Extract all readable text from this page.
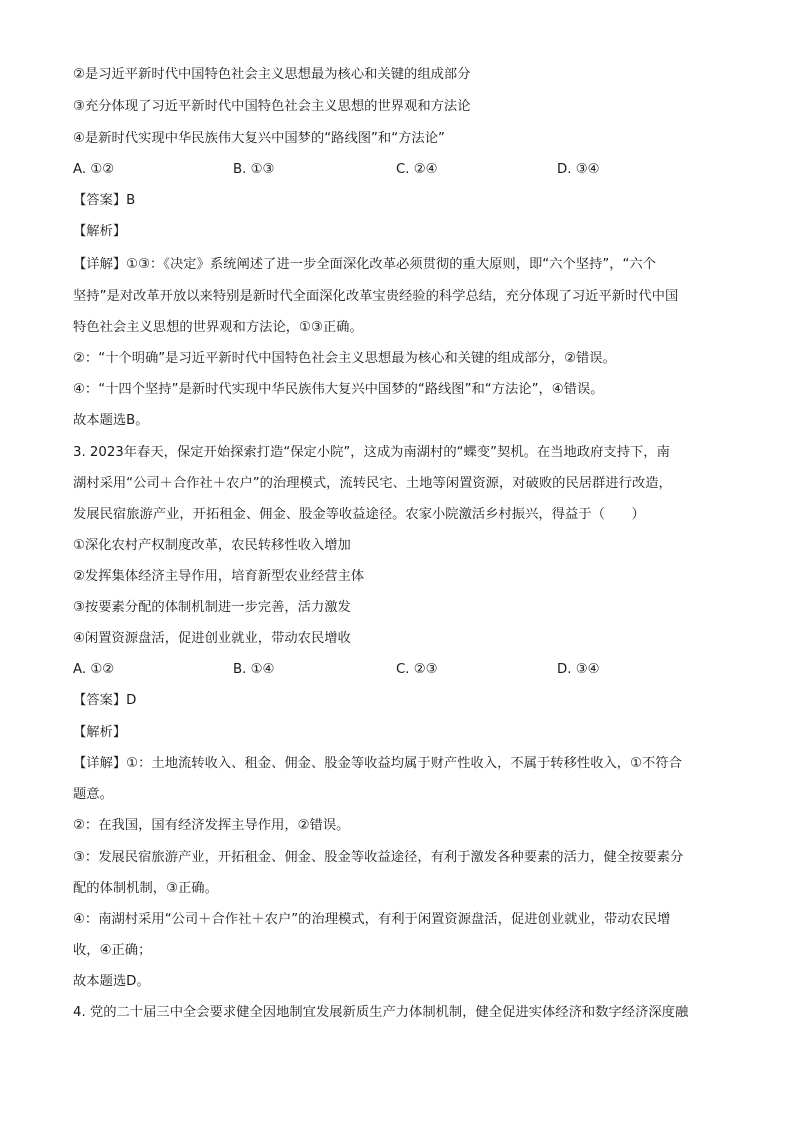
②是习近平新时代中国特色社会主义思想最为核心和关键的组成部分
③充分体现了习近平新时代中国特色社会主义思想的世界观和方法论
④是新时代实现中华民族伟大复兴中国梦的“路线图”和“方法论”
A. ①②	B. ①③	C. ②④	D. ③④
【答案】B
【解析】
【详解】①③：《决定》系统阐述了进一步全面深化改革必须贯彻的重大原则，即“六个坚持”，“六个
坚持”是对改革开放以来特别是新时代全面深化改革宝贵经验的科学总结，充分体现了习近平新时代中国
特色社会主义思想的世界观和方法论，①③正确。
②：“十个明确”是习近平新时代中国特色社会主义思想最为核心和关键的组成部分，②错误。
④：“十四个坚持”是新时代实现中华民族伟大复兴中国梦的“路线图”和“方法论”，④错误。
故本题选B。
3. 2023年春天，保定开始探索打造“保定小院”，这成为南湖村的“蝶变”契机。在当地政府支持下，南
湖村采用“公司＋合作社＋农户”的治理模式，流转民宅、土地等闲置资源，对破败的民居群进行改造，
发展民宿旅游产业，开拓租金、佣金、股金等收益途径。农家小院激活乡村振兴，得益于（　　）
①深化农村产权制度改革，农民转移性收入增加
②发挥集体经济主导作用，培育新型农业经营主体
③按要素分配的体制机制进一步完善，活力激发
④闲置资源盘活，促进创业就业，带动农民增收
A. ①②	B. ①④	C. ②③	D. ③④
【答案】D
【解析】
【详解】①：土地流转收入、租金、佣金、股金等收益均属于财产性收入，不属于转移性收入，①不符合
题意。
②：在我国，国有经济发挥主导作用，②错误。
③：发展民宿旅游产业，开拓租金、佣金、股金等收益途径，有利于激发各种要素的活力，健全按要素分
配的体制机制，③正确。
④：南湖村采用“公司＋合作社＋农户”的治理模式，有利于闲置资源盘活，促进创业就业，带动农民增
收，④正确；
故本题选D。
4. 党的二十届三中全会要求健全因地制宜发展新质生产力体制机制，健全促进实体经济和数字经济深度融
